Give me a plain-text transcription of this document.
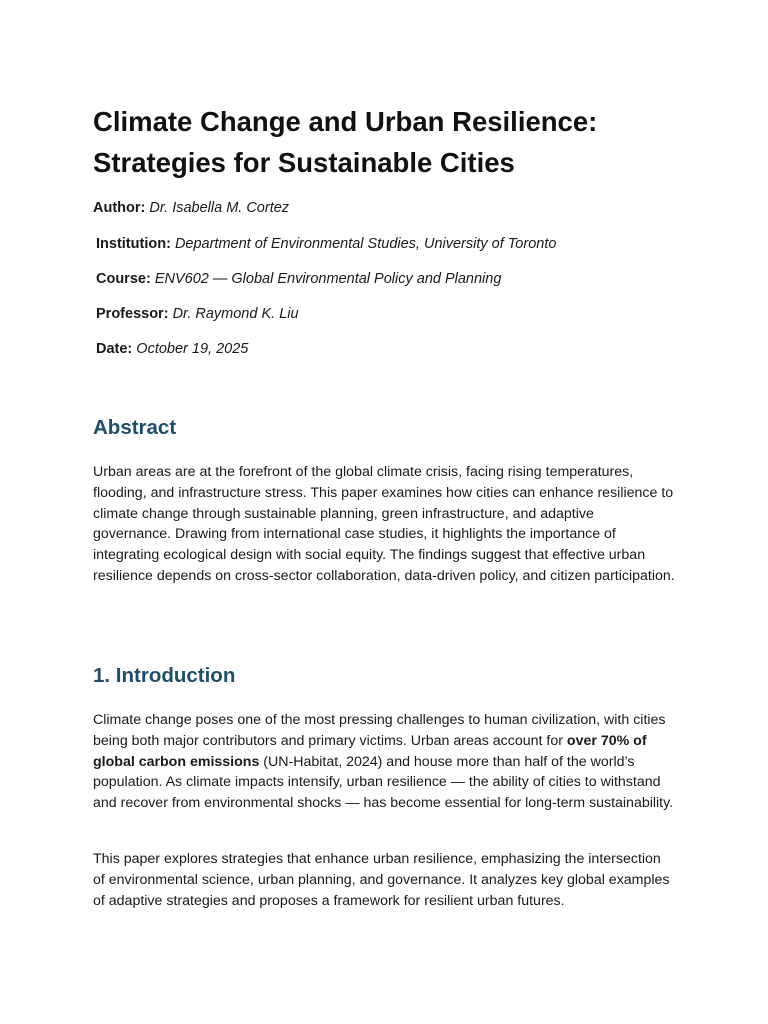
Climate Change and Urban Resilience: Strategies for Sustainable Cities

Author: Dr. Isabella M. Cortez

Institution: Department of Environmental Studies, University of Toronto

Course: ENV602 — Global Environmental Policy and Planning

Professor: Dr. Raymond K. Liu

Date: October 19, 2025

Abstract

Urban areas are at the forefront of the global climate crisis, facing rising temperatures, flooding, and infrastructure stress. This paper examines how cities can enhance resilience to climate change through sustainable planning, green infrastructure, and adaptive governance. Drawing from international case studies, it highlights the importance of integrating ecological design with social equity. The findings suggest that effective urban resilience depends on cross-sector collaboration, data-driven policy, and citizen participation.

1. Introduction

Climate change poses one of the most pressing challenges to human civilization, with cities being both major contributors and primary victims. Urban areas account for over 70% of global carbon emissions (UN-Habitat, 2024) and house more than half of the world’s population. As climate impacts intensify, urban resilience — the ability of cities to withstand and recover from environmental shocks — has become essential for long-term sustainability.

This paper explores strategies that enhance urban resilience, emphasizing the intersection of environmental science, urban planning, and governance. It analyzes key global examples of adaptive strategies and proposes a framework for resilient urban futures.
